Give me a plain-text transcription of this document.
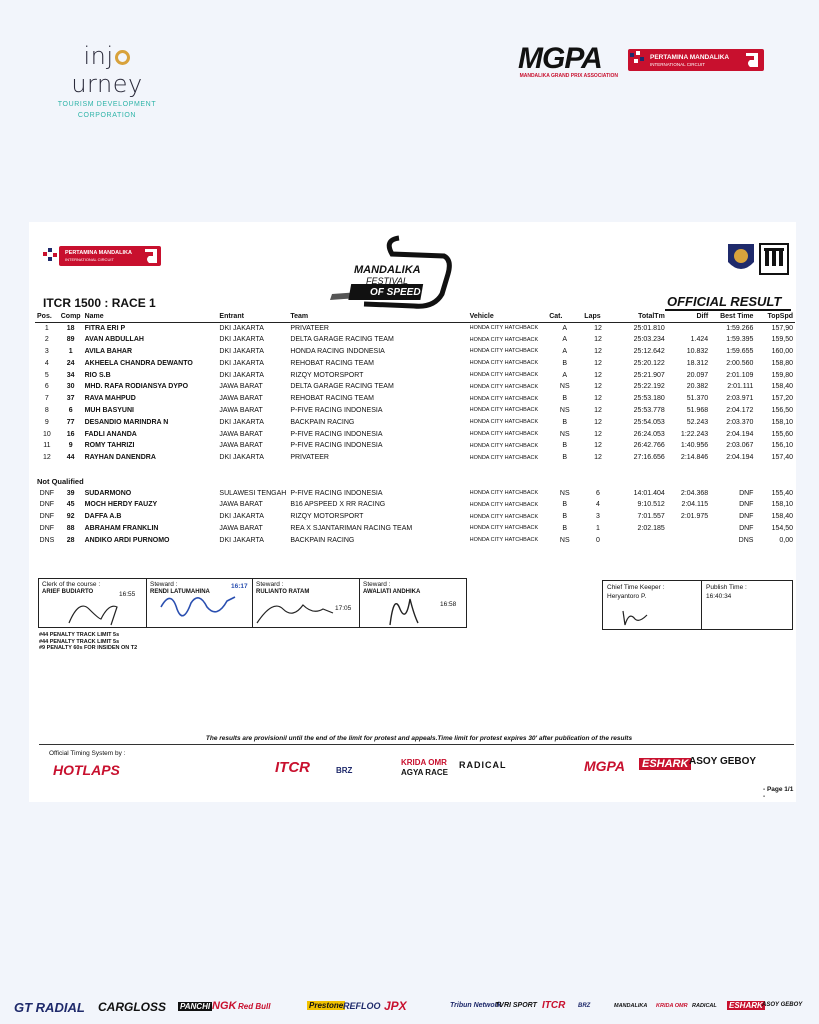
injurney
TOURISM DEVELOPMENT
CORPORATION
MGPA
MANDALIKA GRAND PRIX ASSOCIATION
PERTAMINA MANDALIKA
INTERNATIONAL CIRCUIT
PERTAMINA MANDALIKA
INTERNATIONAL CIRCUIT
MANDALIKA
FESTIVAL
OF SPEED
ITCR 1500 : RACE 1	OFFICIAL RESULT
Pos.	Comp	Name	Entrant	Team	Vehicle	Cat.	Laps	TotalTm	Diff	Best Time	TopSpd
1	18	FITRA ERI P	DKI JAKARTA	PRIVATEER	HONDA CITY HATCHBACK	A	12	25:01.810		1:59.266	157,90
2	89	AVAN ABDULLAH	DKI JAKARTA	DELTA GARAGE RACING TEAM	HONDA CITY HATCHBACK	A	12	25:03.234	1.424	1:59.395	159,50
3	1	AVILA BAHAR	DKI JAKARTA	HONDA RACING INDONESIA	HONDA CITY HATCHBACK	A	12	25:12.642	10.832	1:59.655	160,00
4	24	AKHEELA CHANDRA DEWANTO	DKI JAKARTA	REHOBAT RACING TEAM	HONDA CITY HATCHBACK	B	12	25:20.122	18.312	2:00.560	158,80
5	34	RIO S.B	DKI JAKARTA	RIZQY MOTORSPORT	HONDA CITY HATCHBACK	A	12	25:21.907	20.097	2:01.109	159,80
6	30	MHD. RAFA RODIANSYA DYPO	JAWA BARAT	DELTA GARAGE RACING TEAM	HONDA CITY HATCHBACK	NS	12	25:22.192	20.382	2:01.111	158,40
7	37	RAVA MAHPUD	JAWA BARAT	REHOBAT RACING TEAM	HONDA CITY HATCHBACK	B	12	25:53.180	51.370	2:03.971	157,20
8	6	MUH BASYUNI	JAWA BARAT	P-FIVE RACING INDONESIA	HONDA CITY HATCHBACK	NS	12	25:53.778	51.968	2:04.172	156,50
9	77	DESANDIO MARINDRA N	DKI JAKARTA	BACKPAIN RACING	HONDA CITY HATCHBACK	B	12	25:54.053	52.243	2:03.370	158,10
10	16	FADLI ANANDA	JAWA BARAT	P-FIVE RACING INDONESIA	HONDA CITY HATCHBACK	NS	12	26:24.053	1:22.243	2:04.194	155,60
11	9	ROMY TAHRIZI	JAWA BARAT	P-FIVE RACING INDONESIA	HONDA CITY HATCHBACK	B	12	26:42.766	1:40.956	2:03.067	156,10
12	44	RAYHAN DANENDRA	DKI JAKARTA	PRIVATEER	HONDA CITY HATCHBACK	B	12	27:16.656	2:14.846	2:04.194	157,40

Not Qualified											
DNF	39	SUDARMONO	SULAWESI TENGAH	P-FIVE RACING INDONESIA	HONDA CITY HATCHBACK	NS	6	14:01.404	2:04.368	DNF	155,40
DNF	45	MOCH HERDY FAUZY	JAWA BARAT	B16 APSPEED X RR RACING	HONDA CITY HATCHBACK	B	4	9:10.512	2:04.115	DNF	158,10
DNF	92	DAFFA A.B	DKI JAKARTA	RIZQY MOTORSPORT	HONDA CITY HATCHBACK	B	3	7:01.557	2:01.975	DNF	158,40
DNF	88	ABRAHAM FRANKLIN	JAWA BARAT	REA X SJANTARIMAN RACING TEAM	HONDA CITY HATCHBACK	B	1	2:02.185		DNF	154,50
DNS	28	ANDIKO ARDI PURNOMO	DKI JAKARTA	BACKPAIN RACING	HONDA CITY HATCHBACK	NS	0			DNS	0,00
Clerk of the course :
ARIEF BUDIARTO	16:55
Steward :
RENDI LATUMAHINA
16:17 Steward :
RULIANTO RATAM
17:05
Steward :
AWALIATI ANDHIKA
16:58
Chief Time Keeper :
Heryantoro P.
Publish Time :
16:40:34
#44 PENALTY TRACK LIMIT 5s
#44 PENALTY TRACK LIMIT 5s
#9 PENALTY 60s FOR INSIDEN ON T2
The results are provisionil until the end of the limit for protest and appeals.Time limit for protest expires 30' after publication of the results
Official Timing System by :
HOTLAPS	ITCR	BRZ
KRIDA OMR
AGYA RACE
RADICAL	MGPA ESHARK ASOY GEBOY
- Page 1/1 -
GT RADIAL CARGLOSS PANCHI NGK Red Bull	Prestone REFLOO JPX	Tribun Network
TVRI SPORT ITCR BRZ	MANDALIKA KRIDA OMR RADICAL ESHARK ASOY GEBOY
